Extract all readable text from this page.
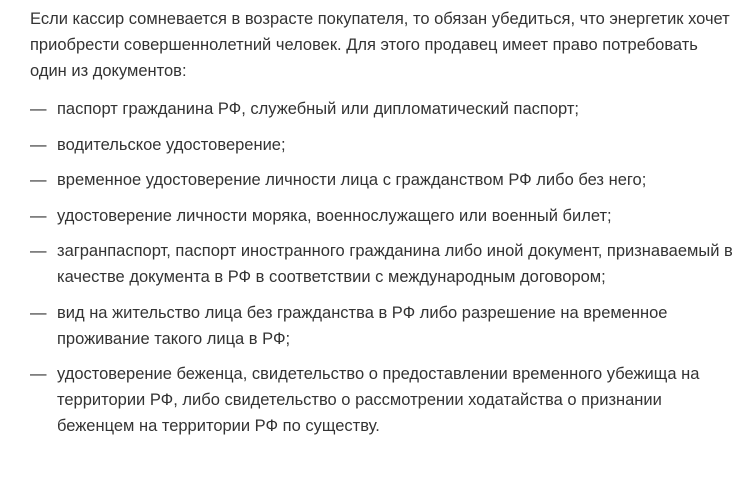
Если кассир сомневается в возрасте покупателя, то обязан убедиться, что энергетик хочет приобрести совершеннолетний человек. Для этого продавец имеет право потребовать один из документов:

— паспорт гражданина РФ, служебный или дипломатический паспорт;
— водительское удостоверение;
— временное удостоверение личности лица с гражданством РФ либо без него;
— удостоверение личности моряка, военнослужащего или военный билет;
— загранпаспорт, паспорт иностранного гражданина либо иной документ, признаваемый в качестве документа в РФ в соответствии с международным договором;
— вид на жительство лица без гражданства в РФ либо разрешение на временное проживание такого лица в РФ;
— удостоверение беженца, свидетельство о предоставлении временного убежища на территории РФ, либо свидетельство о рассмотрении ходатайства о признании беженцем на территории РФ по существу.
